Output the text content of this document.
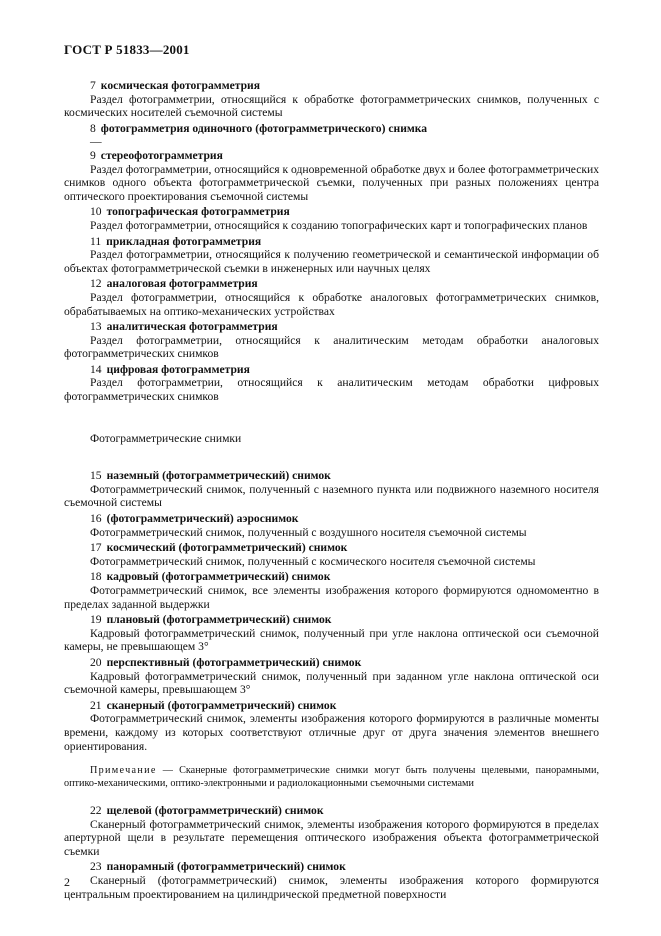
ГОСТ Р 51833—2001

7 космическая фотограмметрия

Раздел фотограмметрии, относящийся к обработке фотограмметрических снимков, полученных с космических носителей съемочной системы

8 фотограмметрия одиночного (фотограмметрического) снимка
—

9 стереофотограмметрия

Раздел фотограмметрии, относящийся к одновременной обработке двух и более фотограмметрических снимков одного объекта фотограмметрической съемки, полученных при разных положениях центра оптического проектирования съемочной системы

10 топографическая фотограмметрия

Раздел фотограмметрии, относящийся к созданию топографических карт и топографических планов

11 прикладная фотограмметрия

Раздел фотограмметрии, относящийся к получению геометрической и семантической информации об объектах фотограмметрической съемки в инженерных или научных целях

12 аналоговая фотограмметрия

Раздел фотограмметрии, относящийся к обработке аналоговых фотограмметрических снимков, обрабатываемых на оптико-механических устройствах

13 аналитическая фотограмметрия

Раздел фотограмметрии, относящийся к аналитическим методам обработки аналоговых фотограмметрических снимков

14 цифровая фотограмметрия

Раздел фотограмметрии, относящийся к аналитическим методам обработки цифровых фотограмметрических снимков

Фотограмметрические снимки

15 наземный (фотограмметрический) снимок

Фотограмметрический снимок, полученный с наземного пункта или подвижного наземного носителя съемочной системы

16 (фотограмметрический) аэроснимок

Фотограмметрический снимок, полученный с воздушного носителя съемочной системы

17 космический (фотограмметрический) снимок

Фотограмметрический снимок, полученный с космического носителя съемочной системы

18 кадровый (фотограмметрический) снимок

Фотограмметрический снимок, все элементы изображения которого формируются одномоментно в пределах заданной выдержки

19 плановый (фотограмметрический) снимок

Кадровый фотограмметрический снимок, полученный при угле наклона оптической оси съемочной камеры, не превышающем 3°

20 перспективный (фотограмметрический) снимок

Кадровый фотограмметрический снимок, полученный при заданном угле наклона оптической оси съемочной камеры, превышающем 3°

21 сканерный (фотограмметрический) снимок

Фотограмметрический снимок, элементы изображения которого формируются в различные моменты времени, каждому из которых соответствуют отличные друг от друга значения элементов внешнего ориентирования.

Примечание — Сканерные фотограмметрические снимки могут быть получены щелевыми, панорамными, оптико-механическими, оптико-электронными и радиолокационными съемочными системами

22 щелевой (фотограмметрический) снимок

Сканерный фотограмметрический снимок, элементы изображения которого формируются в пределах апертурной щели в результате перемещения оптического изображения объекта фотограмметрической съемки

23 панорамный (фотограмметрический) снимок

Сканерный (фотограмметрический) снимок, элементы изображения которого формируются центральным проектированием на цилиндрической предметной поверхности

2
